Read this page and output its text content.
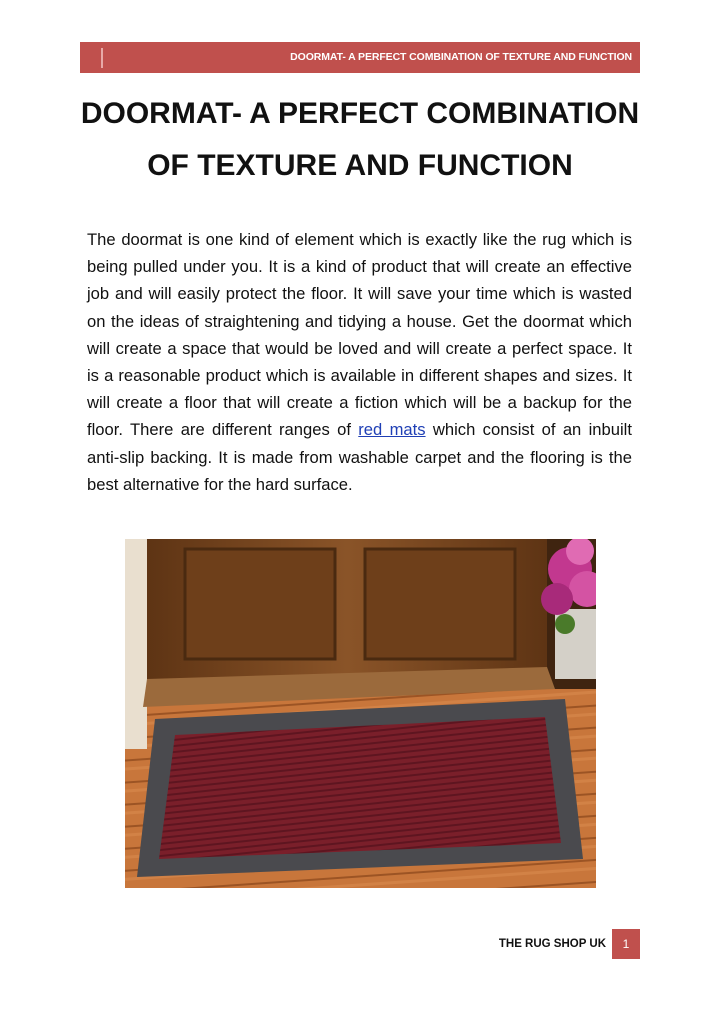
DOORMAT- A PERFECT COMBINATION OF TEXTURE AND FUNCTION
DOORMAT- A PERFECT COMBINATION OF TEXTURE AND FUNCTION

The doormat is one kind of element which is exactly like the rug which is being pulled under you. It is a kind of product that will create an effective job and will easily protect the floor. It will save your time which is wasted on the ideas of straightening and tidying a house. Get the doormat which will create a space that would be loved and will create a perfect space. It is a reasonable product which is available in different shapes and sizes. It will create a floor that will create a fiction which will be a backup for the floor. There are different ranges of red mats which consist of an inbuilt anti-slip backing. It is made from washable carpet and the flooring is the best alternative for the hard surface.

THE RUG SHOP UK	1
